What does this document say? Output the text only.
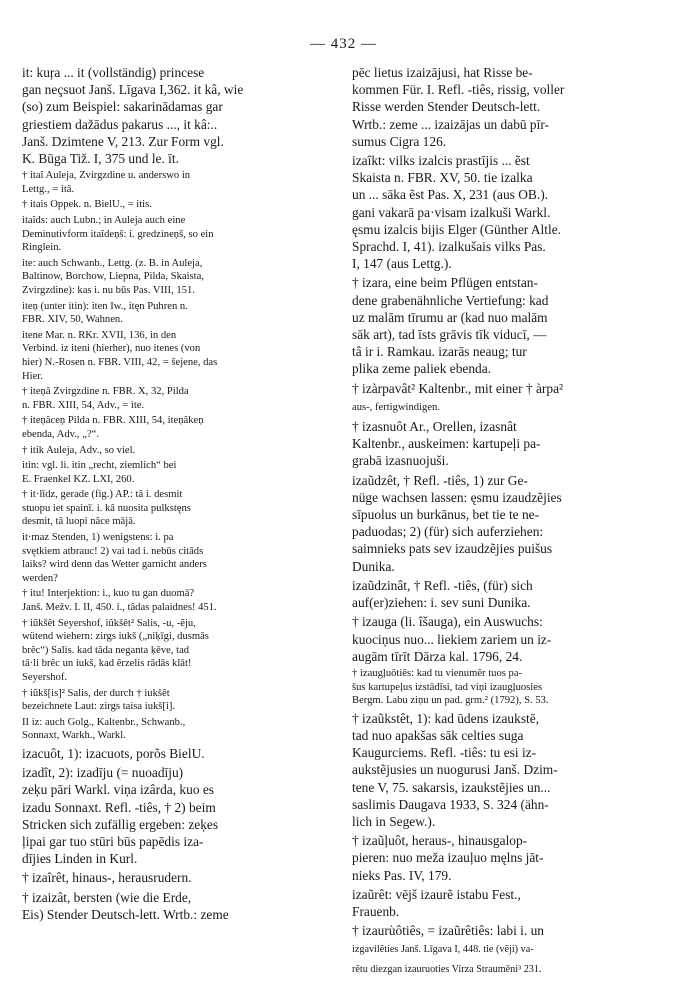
— 432 —
it: kuŗa ... it (vollständig) princese
gan neçsuot Janš. Līgava I,362. it kâ, wie
(so) zum Beispiel: sakarinādamas gar
griestiem dažādus pakarus ..., it kâ:..
Janš. Dzimtene V, 213. Zur Form vgl.
K. Būga Tiž. I, 375 und le. īt.
† itaî Auleja, Zvirgzdine u. anderswo in
Lettg., = itâ.
† itais Oppek. n. BielU., = itis.
itaîds: auch Lubn.; in Auleja auch eine
Deminutivform itaîdeņš: i. gredzineņš, so ein
Ringlein.
ite: auch Schwanb., Lettg. (z. B. in Auleja,
Baltinow, Borchow, Liepna, Pilda, Skaista,
Zvirgzdine): kas i. nu būs Pas. VIII, 151.
iteņ (unter itin): iten Iw., itęn Puhren n.
FBR. XIV, 50, Wahnen.
itene Mar. n. RKr. XVII, 136, in den
Verbind. iz iteni (hierher), nuo itenes (von
hier) N.-Rosen n. FBR. VIII, 42, = šejene, das
Hier.
† iteņâ Zvirgzdine n. FBR. X, 32, Pilda
n. FBR. XIII, 54, Adv., = ite.
† iteņâceņ Pilda n. FBR. XIII, 54, iteņâkeņ
ebenda, Adv., „?“.
† itik Auleja, Adv., so viel.
itin: vgl. li. itin „recht, ziemlich“ bei
E. Fraenkel KZ. LXI, 260.
† it·līdz, gerade (fig.) AP.: tâ i. desmit
stuopu iet spainī. i. kâ nuosita pulkstęns
desmit, tâ luopi nâce mājā.
it·maz Stenden, 1) wenigstens: i. pa
svętkiem atbrauc! 2) vai tad i. nebūs citâds
laiks? wird denn das Wetter garnicht anders
werden?
† itu! Interjektion: i., kuo tu gan duomā?
Janš. Mežv. I. II, 450. i., tâdas palaidnes! 451.
† iũkšêt Seyershof, iũkšêt² Salis, -u, -ẽju,
wütend wiehern: zirgs iukš („niķīgi, dusmās
brêc“) Salis. kad tāda neganta ķēve, tad
tā·li brêc un iukš, kad ẽrzelis rādās klāt!
Seyershof.
† iũkš[is]² Salis, der durch † iukšêt
bezeichnete Laut: zirgs taisa iukš[i].
II iz: auch Golg., Kaltenbr., Schwanb.,
Sonnaxt, Warkh., Warkl.
izacuôt, 1): izacuots, porõs BielU.
izadît, 2): izadīju (= nuoadīju)
zeķu pāri Warkl. viņa izârda, kuo es
izadu Sonnaxt. Refl. -tiês, † 2) beim
Stricken sich zufällig ergeben: zeķes
ļipai gar tuo stūri būs papēdis iza-
dījies Linden in Kurl.
† izaîrêt, hinaus-, herausrudern.
† izaizât, bersten (wie die Erde,
Eis) Stender Deutsch-lett. Wrtb.: zeme
pēc lietus izaizājusi, hat Risse be-
kommen Für. I. Refl. -tiês, rissig, voller
Risse werden Stender Deutsch-lett.
Wrtb.: zeme ... izaizājas un dabū pīr-
sumus Cigra 126.
izaîkt: vilks izalcis prastījis ... ẽst
Skaista n. FBR. XV, 50. tie izalka
un ... sāka ẽst Pas. X, 231 (aus OB.).
gani vakarā pa·visam izalkuši Warkl.
ęsmu izalcis bijis Elger (Günther Altle.
Sprachd. I, 41). izalkušais vilks Pas.
I, 147 (aus Lettg.).
† izara, eine beim Pflügen entstan-
dene grabenähnliche Vertiefung: kad
uz malām tīrumu ar (kad nuo malām
sāk art), tad īsts grāvis tīk viducī, —
tâ ir i. Ramkau. izarās neaug; tur
plika zeme paliek ebenda.
† izàrpavât² Kaltenbr., mit einer † àrpa²
aus-, fertigwindigen.
† izasnuôt Ar., Orellen, izasnât
Kaltenbr., auskeimen: kartupeļi pa-
grabā izasnuojuši.
izaũdzêt, † Refl. -tiês, 1) zur Ge-
nüge wachsen lassen: ęsmu izaudzẽjies
sīpuolus un burkānus, bet tie te ne-
paduodas; 2) (für) sich auferziehen:
saimnieks pats sev izaudzẽjies puišus
Dunika.
izaũdzinât, † Refl. -tiês, (für) sich
auf(er)ziehen: i. sev suni Dunika.
† izauga (li. îšauga), ein Auswuchs:
kuociņus nuo... liekiem zariem un iz-
augām tīrīt Dārza kal. 1796, 24.
† izaugļuôtiês: kad tu vienumẽr tuos pa-
šus kartupeļus izstādīsi, tad viņi izaugļuosies
Bergm. Labu ziņu un pad. grm.² (1792), S. 53.
† izaũkstêt, 1): kad ūdens izaukstē,
tad nuo apakšas sāk celties suga
Kaugurciems. Refl. -tiês: tu esi iz-
aukstẽjusies un nuogurusi Janš. Dzim-
tene V, 75. sakarsis, izaukstẽjies un...
saslimis Daugava 1933, S. 324 (ähn-
lich in Segew.).
† izaũļuôt, heraus-, hinausgalop-
pieren: nuo meža izauļuo męlns jāt-
nieks Pas. IV, 179.
izaũrêt: vējš izaurẽ istabu Fest.,
Frauenb.
† izaurùôtiês, = izaũrêtiês: labi i. un
izgavilẽties Janš. Līgava I, 448. tie (vẽji) va-
rẽtu diezgan izauruoties Virza Straumēni³ 231.
